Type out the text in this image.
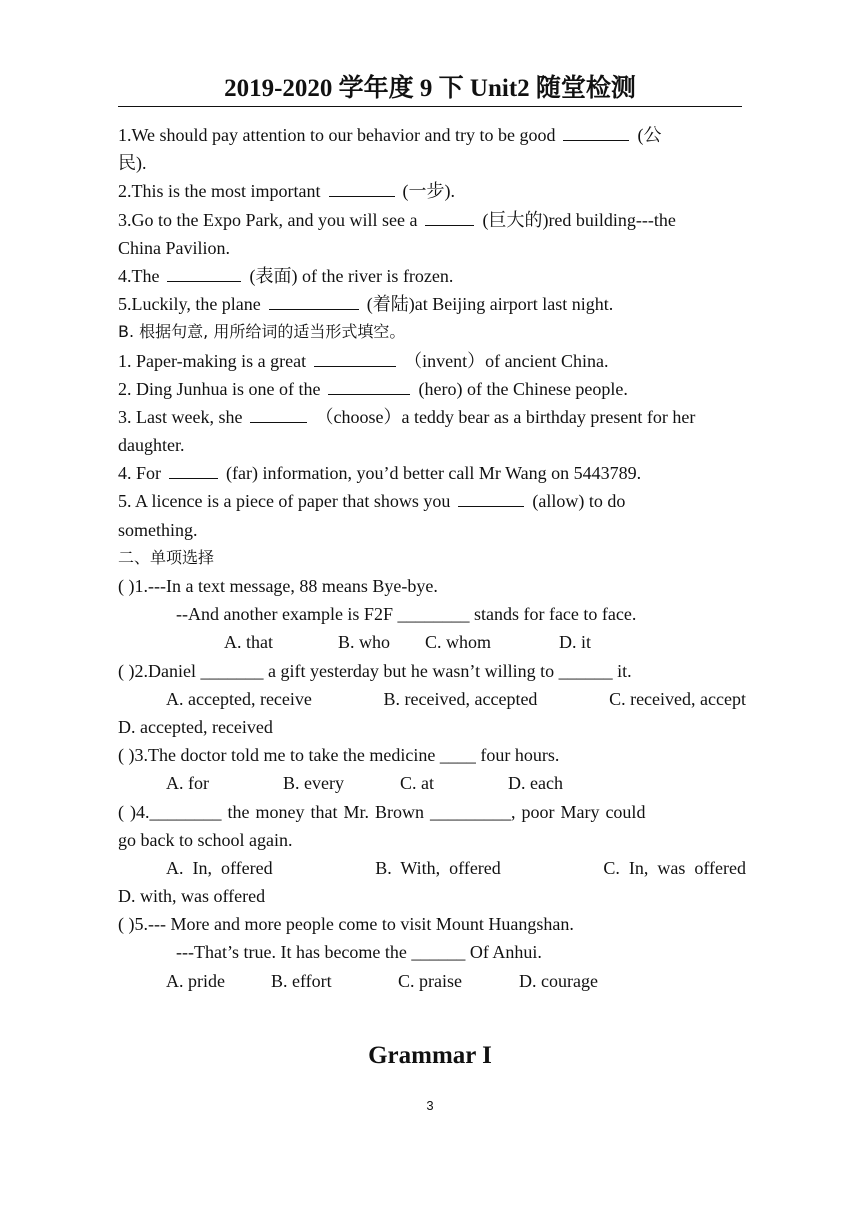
2019-2020 学年度 9 下 Unit2 随堂检测
1.We should pay attention to our behavior and try to be good	(公
民).
2.This is the most important	(一步).
3.Go to the Expo Park, and you will see a	(巨大的)red building---the
China Pavilion.
4.The	(表面) of the river is frozen.
5.Luckily, the plane	(着陆)at Beijing airport last night.
B. 根据句意, 用所给词的适当形式填空。
1. Paper-making is a great	（invent）of ancient China.
2. Ding Junhua is one of the	(hero) of the Chinese people.
3. Last week, she	（choose）a teddy bear as a birthday present for her
daughter.
4. For	(far) information, you’d better call Mr Wang on 5443789.
5. A licence is a piece of paper that shows you	(allow) to do
something.
二、单项选择
( )1.---In a text message, 88 means Bye-bye.
--And another example is F2F ________ stands for face to face.
A. that	B. who	C. whom	D. it
( )2.Daniel _______ a gift yesterday but he wasn’t willing to ______ it.
A. accepted, receive	B. received, accepted	C. received, accept
D. accepted, received
( )3.The doctor told me to take the medicine ____ four hours.
A. for	B. every	C. at	D. each
( )4.________ the money that Mr. Brown _________, poor Mary could
go back to school again.
A.  In,  offered	B.  With,  offered	C.  In,  was  offered
D. with, was offered
( )5.--- More and more people come to visit Mount Huangshan.
---That’s true. It has become the ______ Of Anhui.
A. pride	B. effort	C. praise	D. courage
Grammar I
3
